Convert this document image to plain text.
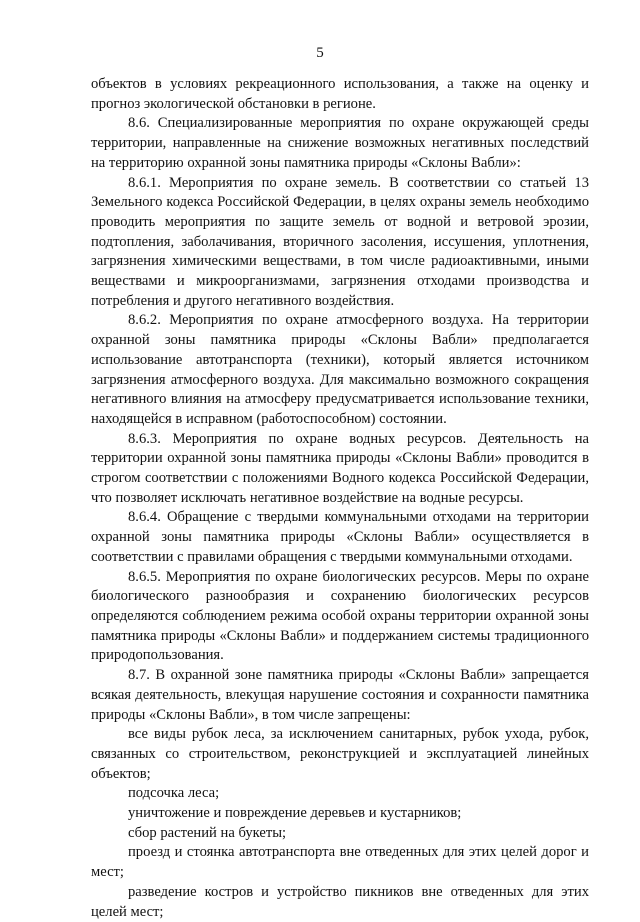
5

объектов в условиях рекреационного использования, а также на оценку и прогноз экологической обстановки в регионе.

8.6. Специализированные мероприятия по охране окружающей среды территории, направленные на снижение возможных негативных последствий на территорию охранной зоны памятника природы «Склоны Вабли»:

8.6.1. Мероприятия по охране земель. В соответствии со статьей 13 Земельного кодекса Российской Федерации, в целях охраны земель необходимо проводить мероприятия по защите земель от водной и ветровой эрозии, подтопления, заболачивания, вторичного засоления, иссушения, уплотнения, загрязнения химическими веществами, в том числе радиоактивными, иными веществами и микроорганизмами, загрязнения отходами производства и потребления и другого негативного воздействия.

8.6.2. Мероприятия по охране атмосферного воздуха. На территории охранной зоны памятника природы «Склоны Вабли» предполагается использование автотранспорта (техники), который является источником загрязнения атмосферного воздуха. Для максимально возможного сокращения негативного влияния на атмосферу предусматривается использование техники, находящейся в исправном (работоспособном) состоянии.

8.6.3. Мероприятия по охране водных ресурсов. Деятельность на территории охранной зоны памятника природы «Склоны Вабли» проводится в строгом соответствии с положениями Водного кодекса Российской Федерации, что позволяет исключать негативное воздействие на водные ресурсы.

8.6.4. Обращение с твердыми коммунальными отходами на территории охранной зоны памятника природы «Склоны Вабли» осуществляется в соответствии с правилами обращения с твердыми коммунальными отходами.

8.6.5. Мероприятия по охране биологических ресурсов. Меры по охране биологического разнообразия и сохранению биологических ресурсов определяются соблюдением режима особой охраны территории охранной зоны памятника природы «Склоны Вабли» и поддержанием системы традиционного природопользования.

8.7. В охранной зоне памятника природы «Склоны Вабли» запрещается всякая деятельность, влекущая нарушение состояния и сохранности памятника природы «Склоны Вабли», в том числе запрещены:

все виды рубок леса, за исключением санитарных, рубок ухода, рубок, связанных со строительством, реконструкцией и эксплуатацией линейных объектов;

подсочка леса;

уничтожение и повреждение деревьев и кустарников;

сбор растений на букеты;

проезд и стоянка автотранспорта вне отведенных для этих целей дорог и мест;

разведение костров и устройство пикников вне отведенных для этих целей мест;
